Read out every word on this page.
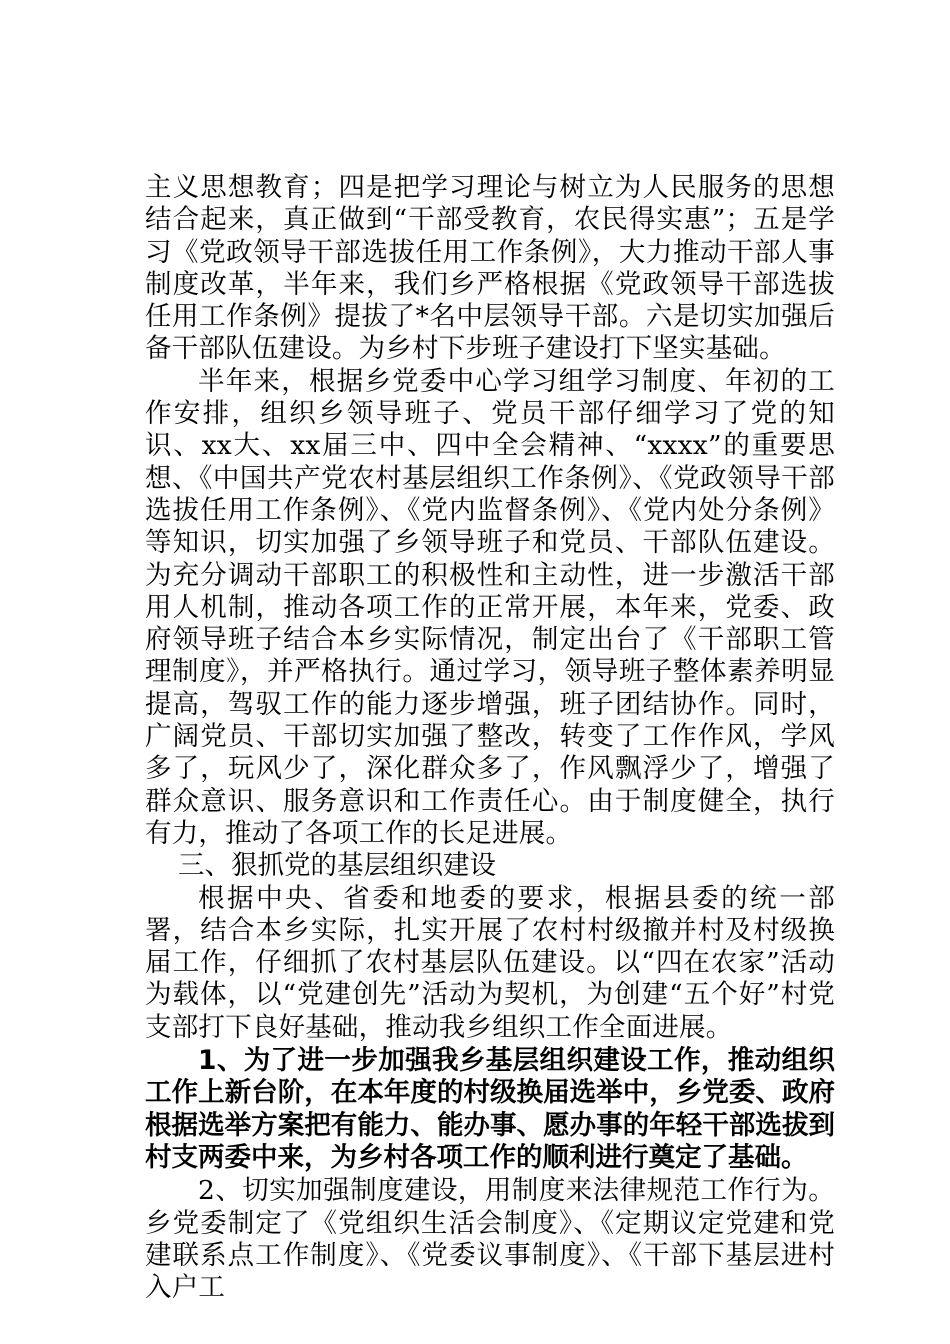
主义思想教育；四是把学习理论与树立为人民服务的思想结合起来，真正做到“干部受教育，农民得实惠”；五是学习《党政领导干部选拔任用工作条例》，大力推动干部人事制度改革，半年来，我们乡严格根据《党政领导干部选拔任用工作条例》提拔了*名中层领导干部。六是切实加强后备干部队伍建设。为乡村下步班子建设打下坚实基础。

半年来，根据乡党委中心学习组学习制度、年初的工作安排，组织乡领导班子、党员干部仔细学习了党的知识、xx大、xx届三中、四中全会精神、“xxxx”的重要思想、《中国共产党农村基层组织工作条例》、《党政领导干部选拔任用工作条例》、《党内监督条例》、《党内处分条例》等知识，切实加强了乡领导班子和党员、干部队伍建设。为充分调动干部职工的积极性和主动性，进一步激活干部用人机制，推动各项工作的正常开展，本年来，党委、政府领导班子结合本乡实际情况，制定出台了《干部职工管理制度》，并严格执行。通过学习，领导班子整体素养明显提高，驾驭工作的能力逐步增强，班子团结协作。同时，广阔党员、干部切实加强了整改，转变了工作作风，学风多了，玩风少了，深化群众多了，作风飘浮少了，增强了群众意识、服务意识和工作责任心。由于制度健全，执行有力，推动了各项工作的长足进展。

三、狠抓党的基层组织建设

根据中央、省委和地委的要求，根据县委的统一部署，结合本乡实际，扎实开展了农村村级撤并村及村级换届工作，仔细抓了农村基层队伍建设。以“四在农家”活动为载体，以“党建创先”活动为契机，为创建“五个好”村党支部打下良好基础，推动我乡组织工作全面进展。

1、为了进一步加强我乡基层组织建设工作，推动组织工作上新台阶，在本年度的村级换届选举中，乡党委、政府根据选举方案把有能力、能办事、愿办事的年轻干部选拔到村支两委中来，为乡村各项工作的顺利进行奠定了基础。

2、切实加强制度建设，用制度来法律规范工作行为。乡党委制定了《党组织生活会制度》、《定期议定党建和党建联系点工作制度》、《党委议事制度》、《干部下基层进村入户工
